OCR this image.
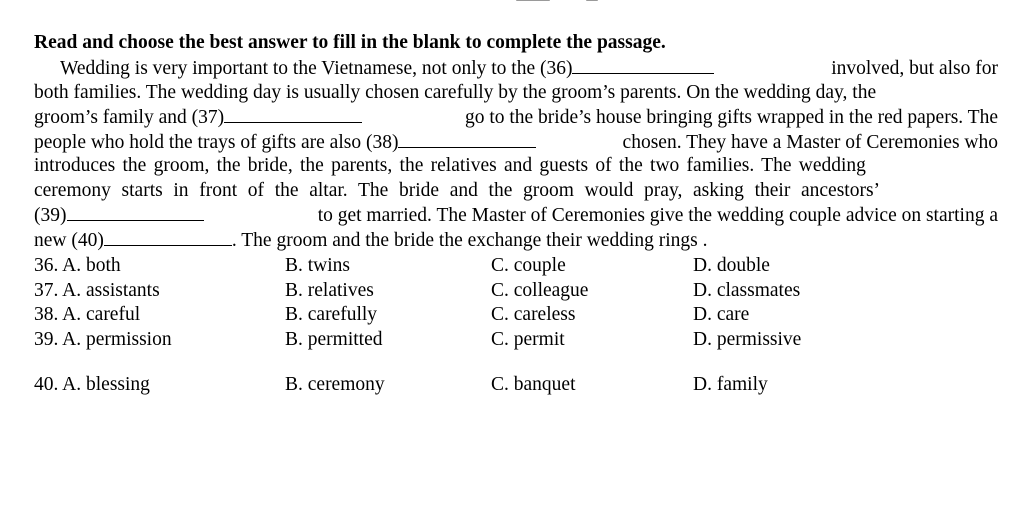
Read and choose the best answer to fill in the blank to complete the passage.
Wedding is very important to the Vietnamese, not only to the (36)	involved, but also for
both families. The wedding day is usually chosen carefully by the groom’s parents. On the wedding day, the
groom’s family and (37)	go to the bride’s house bringing gifts wrapped in the red papers. The
people who hold the trays of gifts are also (38)	chosen. They have a Master of Ceremonies who
introduces the groom, the bride, the parents, the relatives and guests of the two families. The wedding
ceremony starts in front of the altar. The bride and the groom would pray, asking their ancestors’
(39)	to get married. The Master of Ceremonies give the wedding couple advice on starting a
new (40)	. The groom and the bride the exchange their wedding rings .
36. A. both	B. twins	C. couple	D. double
37. A. assistants	B. relatives	C. colleague	D. classmates
38. A. careful	B. carefully	C. careless	D. care
39. A. permission	B. permitted	C. permit	D. permissive
40. A. blessing	B. ceremony	C. banquet	D. family
